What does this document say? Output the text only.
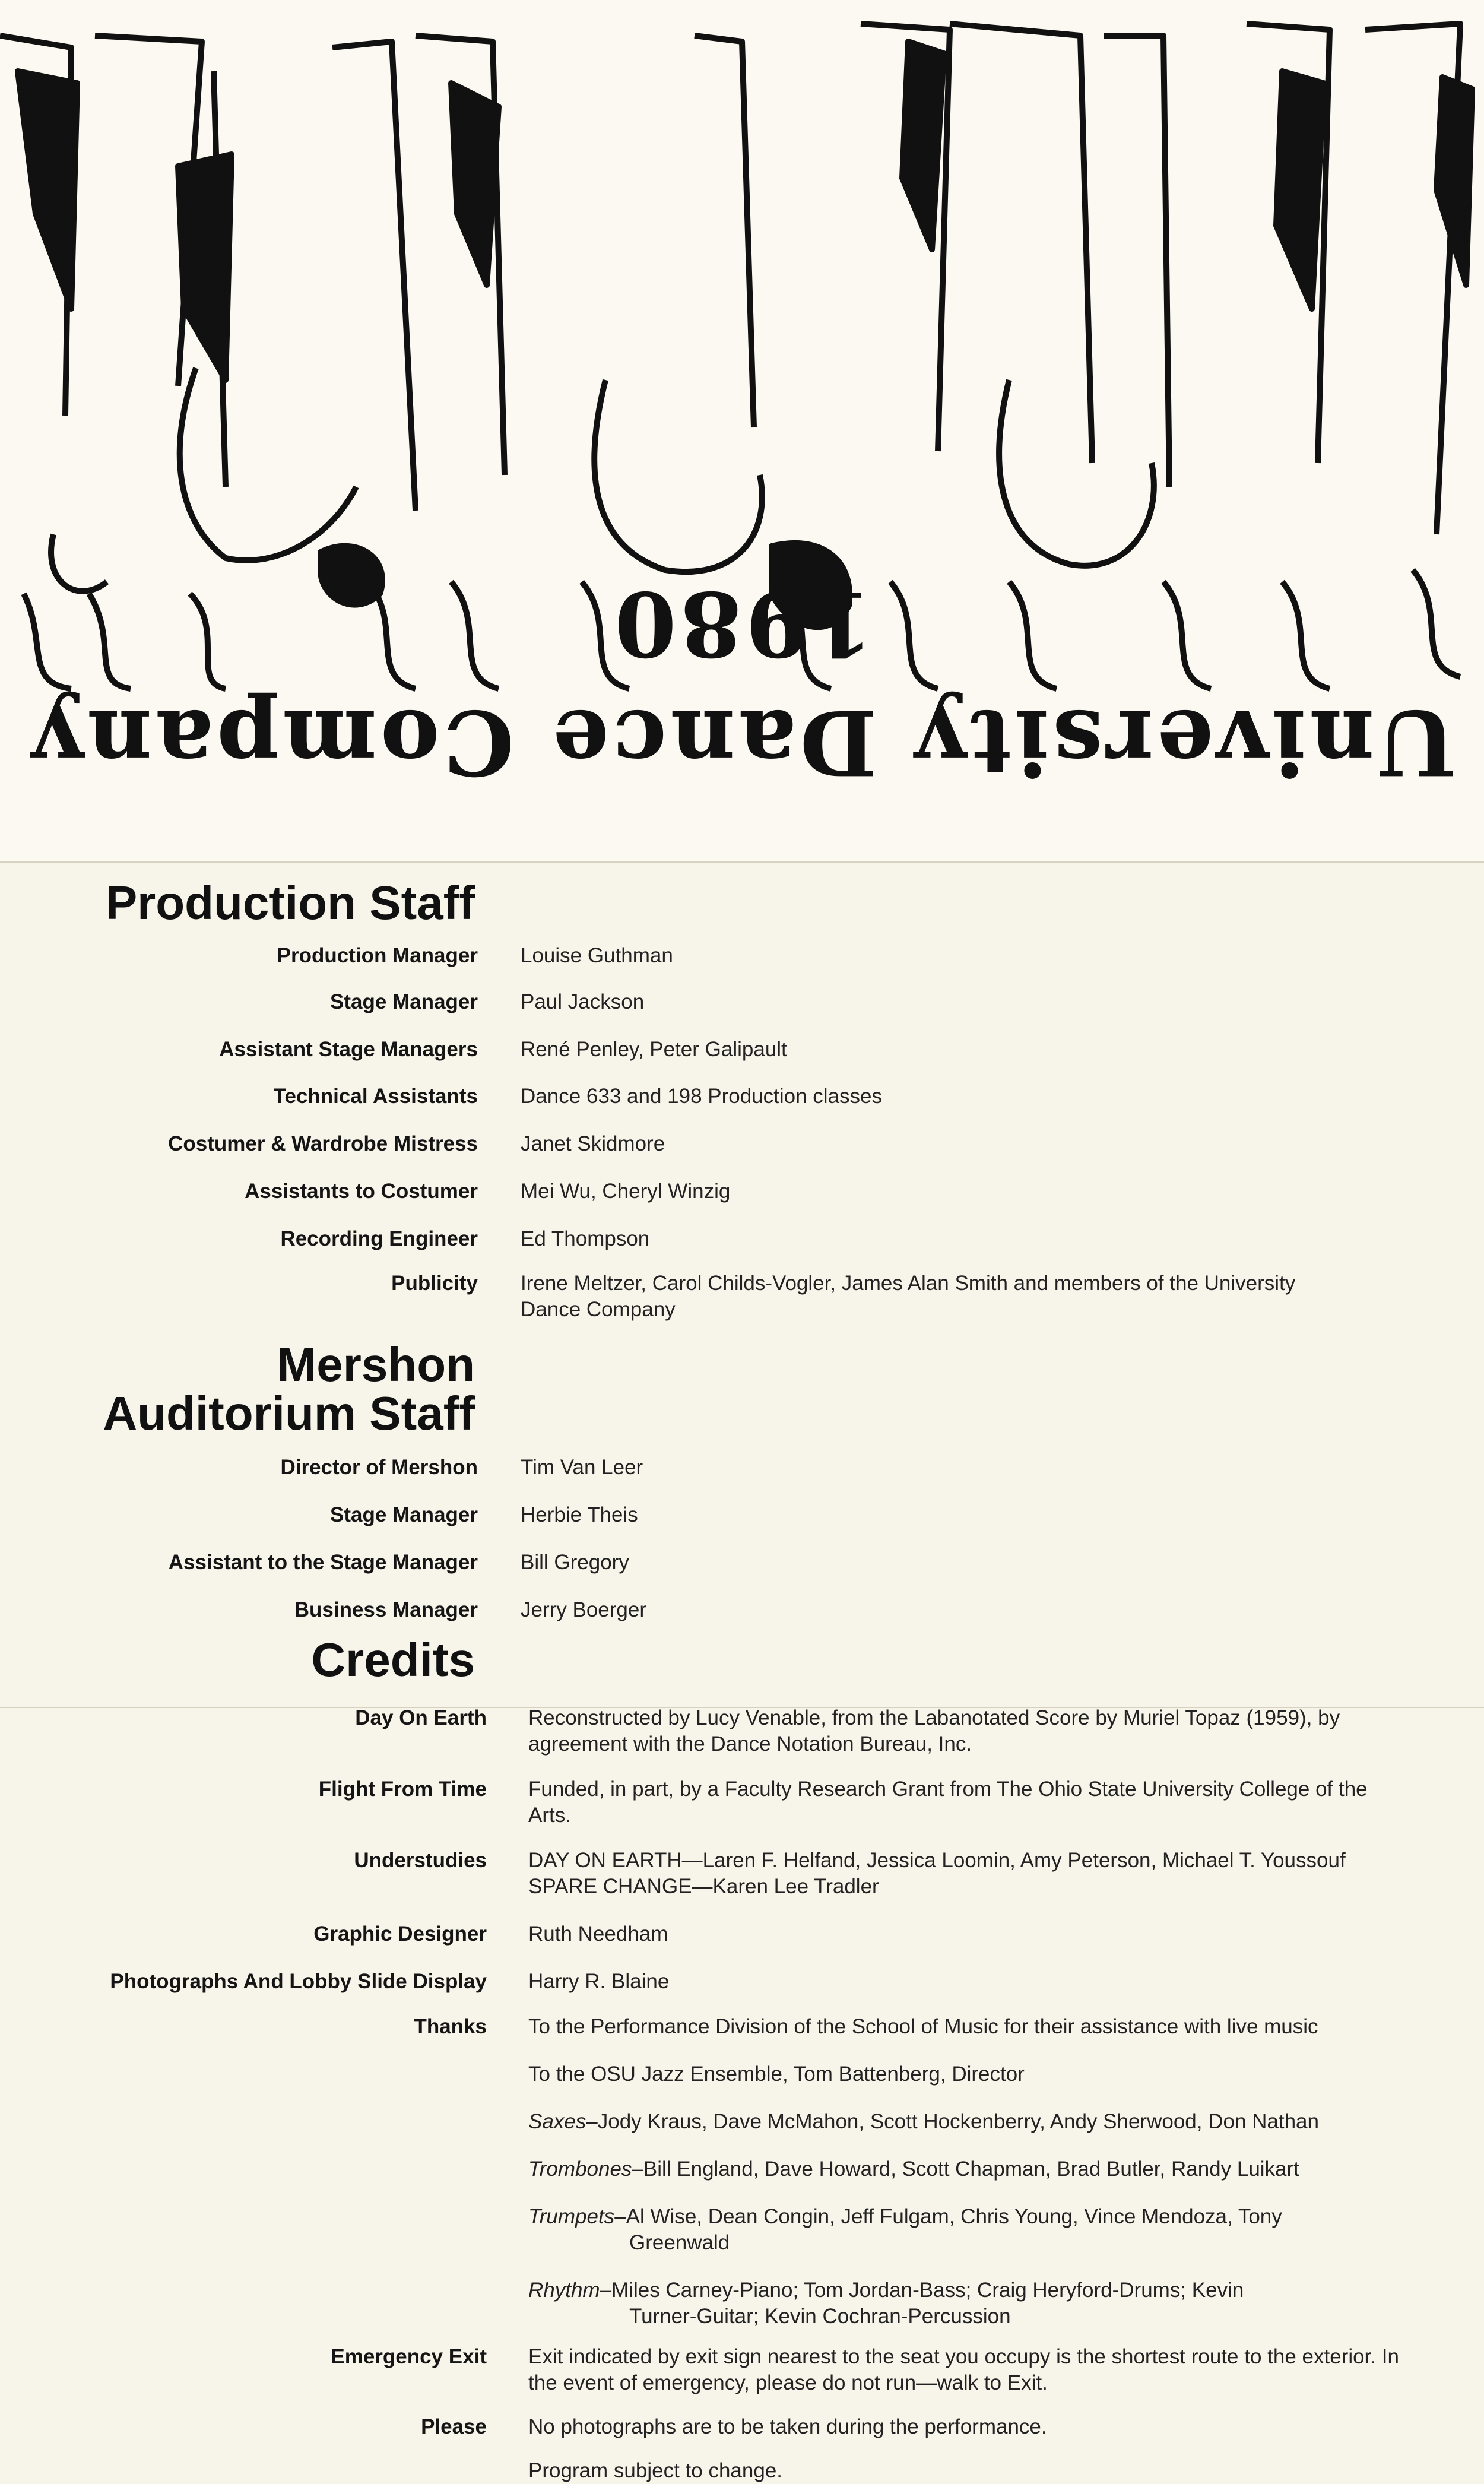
University Dance Company 1980
Production Staff
Production Manager Louise Guthman
Stage Manager Paul Jackson
Assistant Stage Managers René Penley, Peter Galipault
Technical Assistants Dance 633 and 198 Production classes
Costumer & Wardrobe Mistress Janet Skidmore
Assistants to Costumer Mei Wu, Cheryl Winzig
Recording Engineer Ed Thompson
Publicity Irene Meltzer, Carol Childs-Vogler, James Alan Smith and members of the University Dance Company
Mershon
Auditorium Staff
Director of Mershon Tim Van Leer
Stage Manager Herbie Theis
Assistant to the Stage Manager Bill Gregory
Business Manager Jerry Boerger
Credits
Day On Earth Reconstructed by Lucy Venable, from the Labanotated Score by Muriel Topaz (1959), by agreement with the Dance Notation Bureau, Inc.
Flight From Time Funded, in part, by a Faculty Research Grant from The Ohio State University College of the Arts.
Understudies DAY ON EARTH—Laren F. Helfand, Jessica Loomin, Amy Peterson, Michael T. Youssouf
SPARE CHANGE—Karen Lee Tradler
Graphic Designer Ruth Needham
Photographs And Lobby Slide Display Harry R. Blaine
Thanks To the Performance Division of the School of Music for their assistance with live music
To the OSU Jazz Ensemble, Tom Battenberg, Director
Saxes–Jody Kraus, Dave McMahon, Scott Hockenberry, Andy Sherwood, Don Nathan
Trombones–Bill England, Dave Howard, Scott Chapman, Brad Butler, Randy Luikart
Trumpets–Al Wise, Dean Congin, Jeff Fulgam, Chris Young, Vince Mendoza, Tony
Greenwald
Rhythm–Miles Carney-Piano; Tom Jordan-Bass; Craig Heryford-Drums; Kevin
Turner-Guitar; Kevin Cochran-Percussion
Emergency Exit Exit indicated by exit sign nearest to the seat you occupy is the shortest route to the exterior. In the event of emergency, please do not run—walk to Exit.
Please No photographs are to be taken during the performance.
Program subject to change.
